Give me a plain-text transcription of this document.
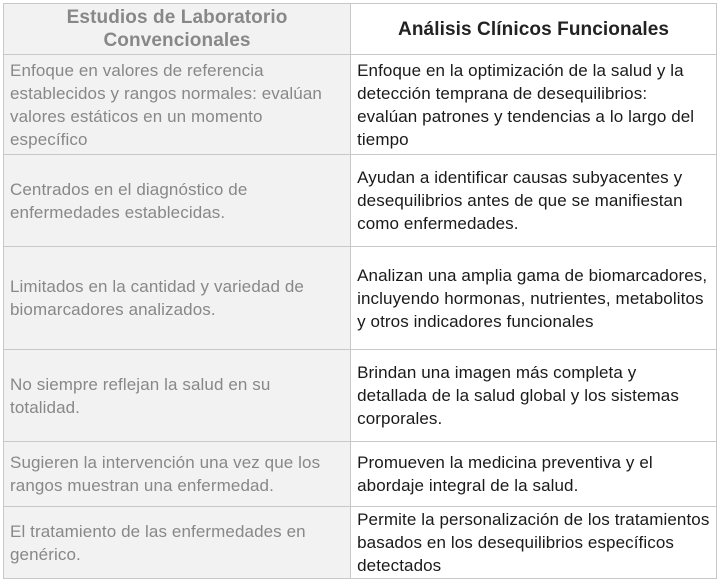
Estudios de Laboratorio Convencionales	Análisis Clínicos Funcionales
Enfoque en valores de referencia establecidos y rangos normales: evalúan valores estáticos en un momento específico	Enfoque en la optimización de la salud y la detección temprana de desequilibrios: evalúan patrones y tendencias a lo largo del tiempo
Centrados en el diagnóstico de enfermedades establecidas.	Ayudan a identificar causas subyacentes y desequilibrios antes de que se manifiestan como enfermedades.
Limitados en la cantidad y variedad de biomarcadores analizados.	Analizan una amplia gama de biomarcadores, incluyendo hormonas, nutrientes, metabolitos y otros indicadores funcionales
No siempre reflejan la salud en su totalidad.	Brindan una imagen más completa y detallada de la salud global y los sistemas corporales.
Sugieren la intervención una vez que los rangos muestran una enfermedad.	Promueven la medicina preventiva y el abordaje integral de la salud.
El tratamiento de las enfermedades en genérico.	Permite la personalización de los tratamientos basados en los desequilibrios específicos detectados
